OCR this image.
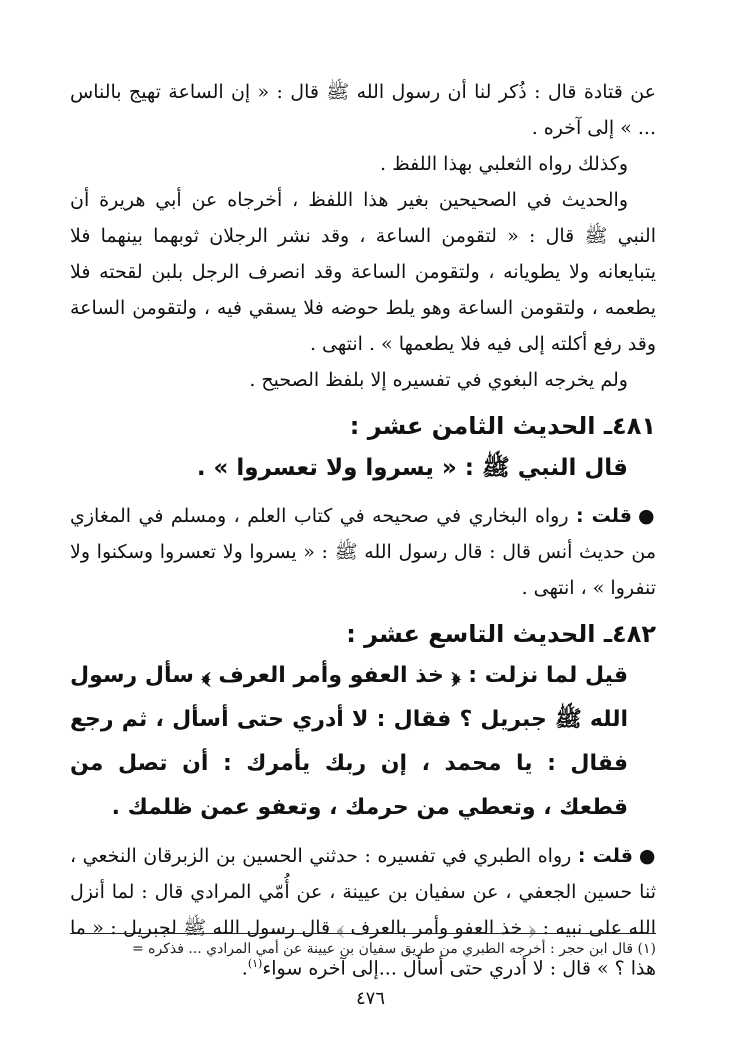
عن قتادة قال : ذُكر لنا أن رسول الله ﷺ قال : « إن الساعة تهيج بالناس ... » إلى آخره .

وكذلك رواه الثعلبي بهذا اللفظ .

والحديث في الصحيحين بغير هذا اللفظ ، أخرجاه عن أبي هريرة أن النبي ﷺ قال : « لتقومن الساعة ، وقد نشر الرجلان ثوبهما بينهما فلا يتبايعانه ولا يطويانه ، ولتقومن الساعة وقد انصرف الرجل بلبن لقحته فلا يطعمه ، ولتقومن الساعة وهو يلط حوضه فلا يسقي فيه ، ولتقومن الساعة وقد رفع أكلته إلى فيه فلا يطعمها » . انتهى .

ولم يخرجه البغوي في تفسيره إلا بلفظ الصحيح .

٤٨١ـ الحديث الثامن عشر :

قال النبي ﷺ : « يسروا ولا تعسروا » .

●قلت : رواه البخاري في صحيحه في كتاب العلم ، ومسلم في المغازي من حديث أنس قال : قال رسول الله ﷺ : « يسروا ولا تعسروا وسكنوا ولا تنفروا » ، انتهى .

٤٨٢ـ الحديث التاسع عشر :

قيل لما نزلت : ﴿ خذ العفو وأمر العرف ﴾ سأل رسول الله ﷺ جبريل ؟ فقال : لا أدري حتى أسأل ، ثم رجع فقال : يا محمد ، إن ربك يأمرك : أن تصل من قطعك ، وتعطي من حرمك ، وتعفو عمن ظلمك .

●قلت : رواه الطبري في تفسيره : حدثني الحسين بن الزبرقان النخعي ، ثنا حسين الجعفي ، عن سفيان بن عيينة ، عن أُمّي المرادي قال : لما أنزل الله على نبيه : ﴿ خذ العفو وأمر بالعرف ﴾ قال رسول الله ﷺ لجبريل : « ما هذا ؟ » قال : لا أدري حتى أسأل ...إلى آخره سواء$^{(١)}$.

(١) قال ابن حجر : أخرجه الطبري من طريق سفيان بن عيينة عن أمي المرادي ... فذكره =
٤٧٦
